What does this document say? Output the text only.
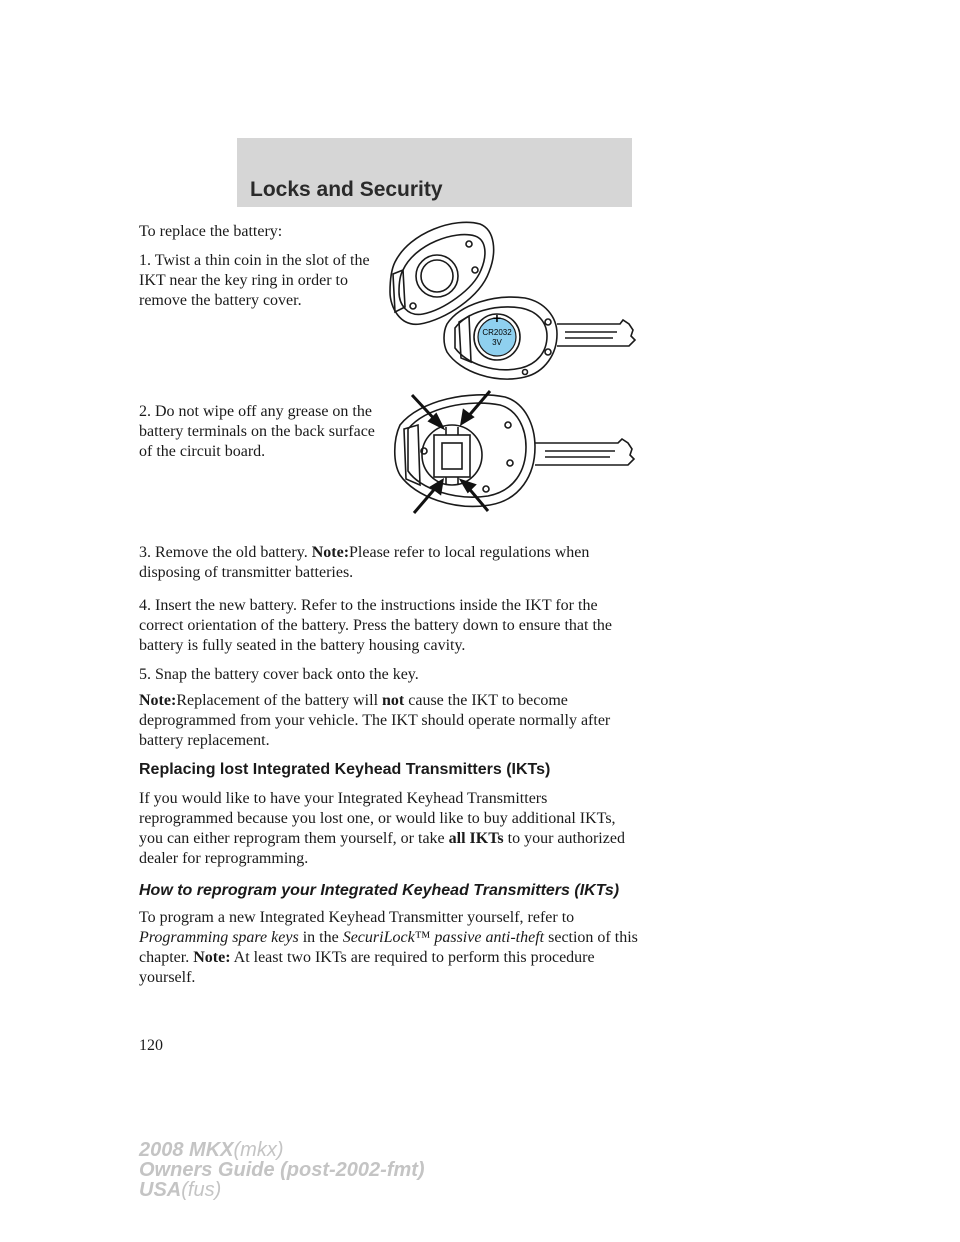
Locks and Security

To replace the battery:

1. Twist a thin coin in the slot of the IKT near the key ring in order to remove the battery cover.

+
CR2032
3V

2. Do not wipe off any grease on the battery terminals on the back surface of the circuit board.

3. Remove the old battery. Note:Please refer to local regulations when disposing of transmitter batteries.

4. Insert the new battery. Refer to the instructions inside the IKT for the correct orientation of the battery. Press the battery down to ensure that the battery is fully seated in the battery housing cavity.

5. Snap the battery cover back onto the key.

Note:Replacement of the battery will not cause the IKT to become deprogrammed from your vehicle. The IKT should operate normally after battery replacement.

Replacing lost Integrated Keyhead Transmitters (IKTs)

If you would like to have your Integrated Keyhead Transmitters reprogrammed because you lost one, or would like to buy additional IKTs, you can either reprogram them yourself, or take all IKTs to your authorized dealer for reprogramming.

How to reprogram your Integrated Keyhead Transmitters (IKTs)

To program a new Integrated Keyhead Transmitter yourself, refer to Programming spare keys in the SecuriLock™ passive anti-theft section of this chapter. Note: At least two IKTs are required to perform this procedure yourself.

120
2008 MKX(mkx)
Owners Guide (post-2002-fmt)
USA(fus)
